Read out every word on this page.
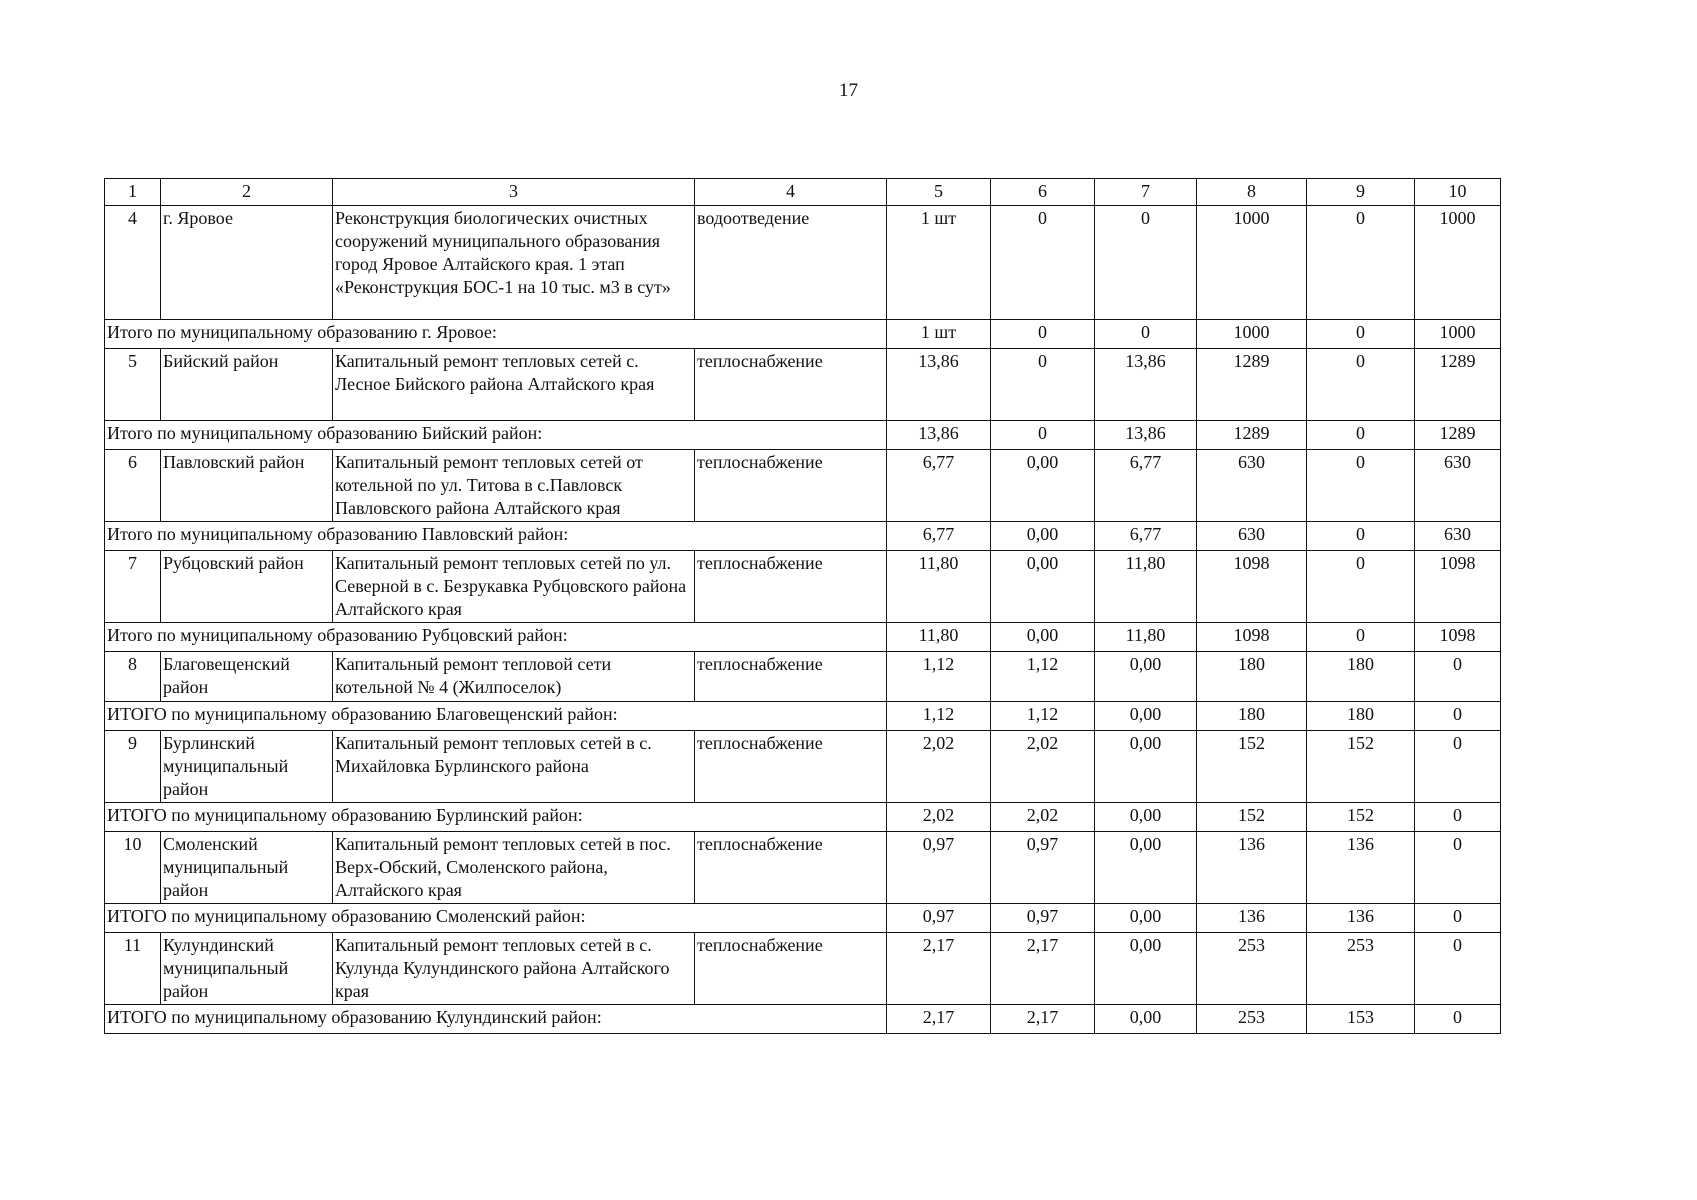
17
1	2	3	4	5	6	7	8	9	10
4	г. Яровое	Реконструкция биологических очистных сооружений муниципального образования город Яровое Алтайского края. 1 этап «Реконструкция БОС-1 на 10 тыс. м3 в сут»	водоотведение	1 шт	0	0	1000	0	1000
Итого по муниципальному образованию г. Яровое:				1 шт	0	0	1000	0	1000
5	Бийский район	Капитальный ремонт тепловых сетей с. Лесное Бийского района Алтайского края	теплоснабжение	13,86	0	13,86	1289	0	1289
Итого по муниципальному образованию Бийский район:				13,86	0	13,86	1289	0	1289
6	Павловский район	Капитальный ремонт тепловых сетей от котельной по ул. Титова в с.Павловск Павловского района Алтайского края	теплоснабжение	6,77	0,00	6,77	630	0	630
Итого по муниципальному образованию Павловский район:				6,77	0,00	6,77	630	0	630
7	Рубцовский район	Капитальный ремонт тепловых сетей по ул. Северной в с. Безрукавка Рубцовского района Алтайского края	теплоснабжение	11,80	0,00	11,80	1098	0	1098
Итого по муниципальному образованию Рубцовский район:				11,80	0,00	11,80	1098	0	1098
8	Благовещенский район	Капитальный ремонт тепловой сети котельной № 4 (Жилпоселок)	теплоснабжение	1,12	1,12	0,00	180	180	0
ИТОГО по муниципальному образованию Благовещенский район:				1,12	1,12	0,00	180	180	0
9	Бурлинский муниципальный район	Капитальный ремонт тепловых сетей в с. Михайловка Бурлинского района	теплоснабжение	2,02	2,02	0,00	152	152	0
ИТОГО по муниципальному образованию Бурлинский район:				2,02	2,02	0,00	152	152	0
10	Смоленский муниципальный район	Капитальный ремонт тепловых сетей в пос. Верх-Обский, Смоленского района, Алтайского края	теплоснабжение	0,97	0,97	0,00	136	136	0
ИТОГО по муниципальному образованию Смоленский район:				0,97	0,97	0,00	136	136	0
11	Кулундинский муниципальный район	Капитальный ремонт тепловых сетей в с. Кулунда Кулундинского района Алтайского края	теплоснабжение	2,17	2,17	0,00	253	253	0
ИТОГО по муниципальному образованию Кулундинский район:				2,17	2,17	0,00	253	153	0
